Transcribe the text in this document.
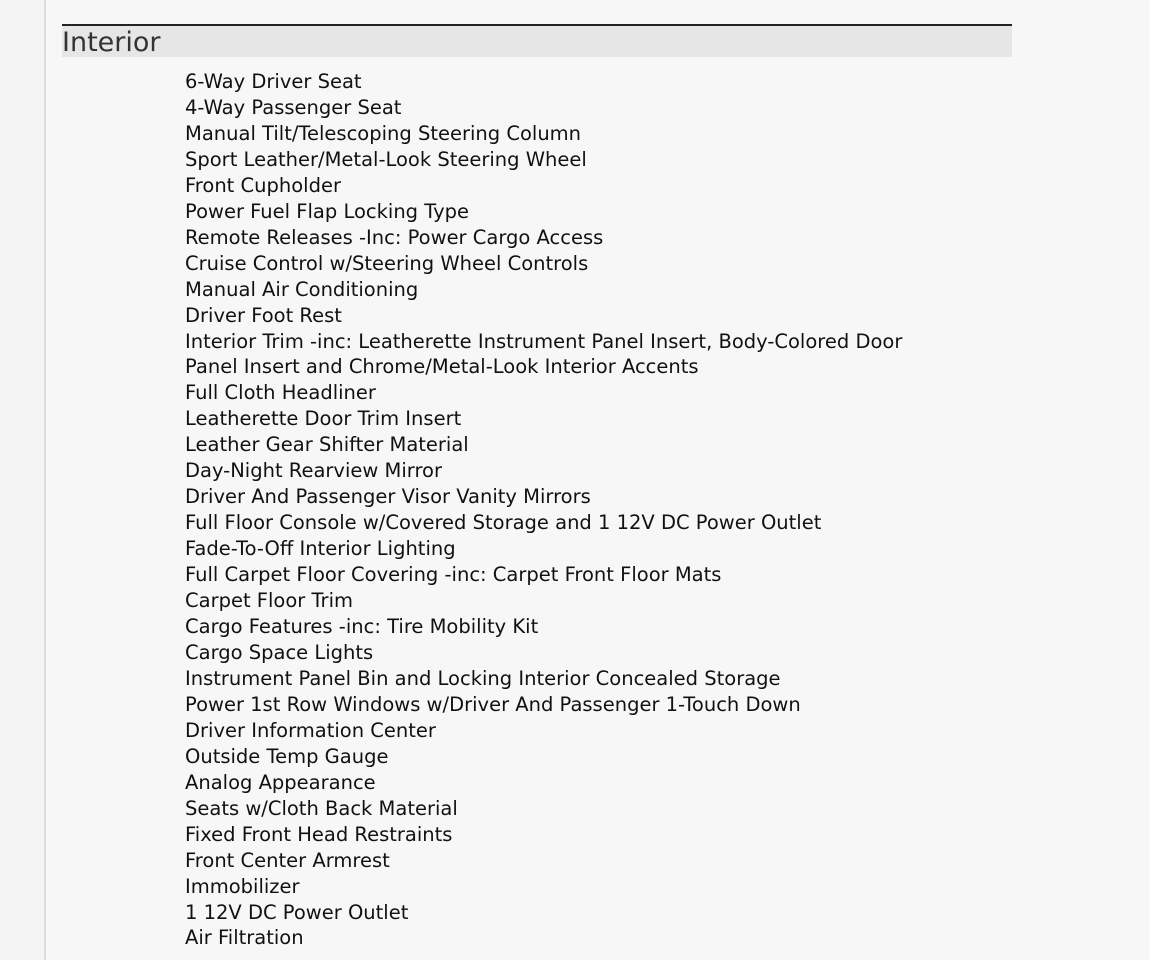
Interior
6-Way Driver Seat
4-Way Passenger Seat
Manual Tilt/Telescoping Steering Column
Sport Leather/Metal-Look Steering Wheel
Front Cupholder
Power Fuel Flap Locking Type
Remote Releases -Inc: Power Cargo Access
Cruise Control w/Steering Wheel Controls
Manual Air Conditioning
Driver Foot Rest
Interior Trim -inc: Leatherette Instrument Panel Insert, Body-Colored Door
Panel Insert and Chrome/Metal-Look Interior Accents
Full Cloth Headliner
Leatherette Door Trim Insert
Leather Gear Shifter Material
Day-Night Rearview Mirror
Driver And Passenger Visor Vanity Mirrors
Full Floor Console w/Covered Storage and 1 12V DC Power Outlet
Fade-To-Off Interior Lighting
Full Carpet Floor Covering -inc: Carpet Front Floor Mats
Carpet Floor Trim
Cargo Features -inc: Tire Mobility Kit
Cargo Space Lights
Instrument Panel Bin and Locking Interior Concealed Storage
Power 1st Row Windows w/Driver And Passenger 1-Touch Down
Driver Information Center
Outside Temp Gauge
Analog Appearance
Seats w/Cloth Back Material
Fixed Front Head Restraints
Front Center Armrest
Immobilizer
1 12V DC Power Outlet
Air Filtration
